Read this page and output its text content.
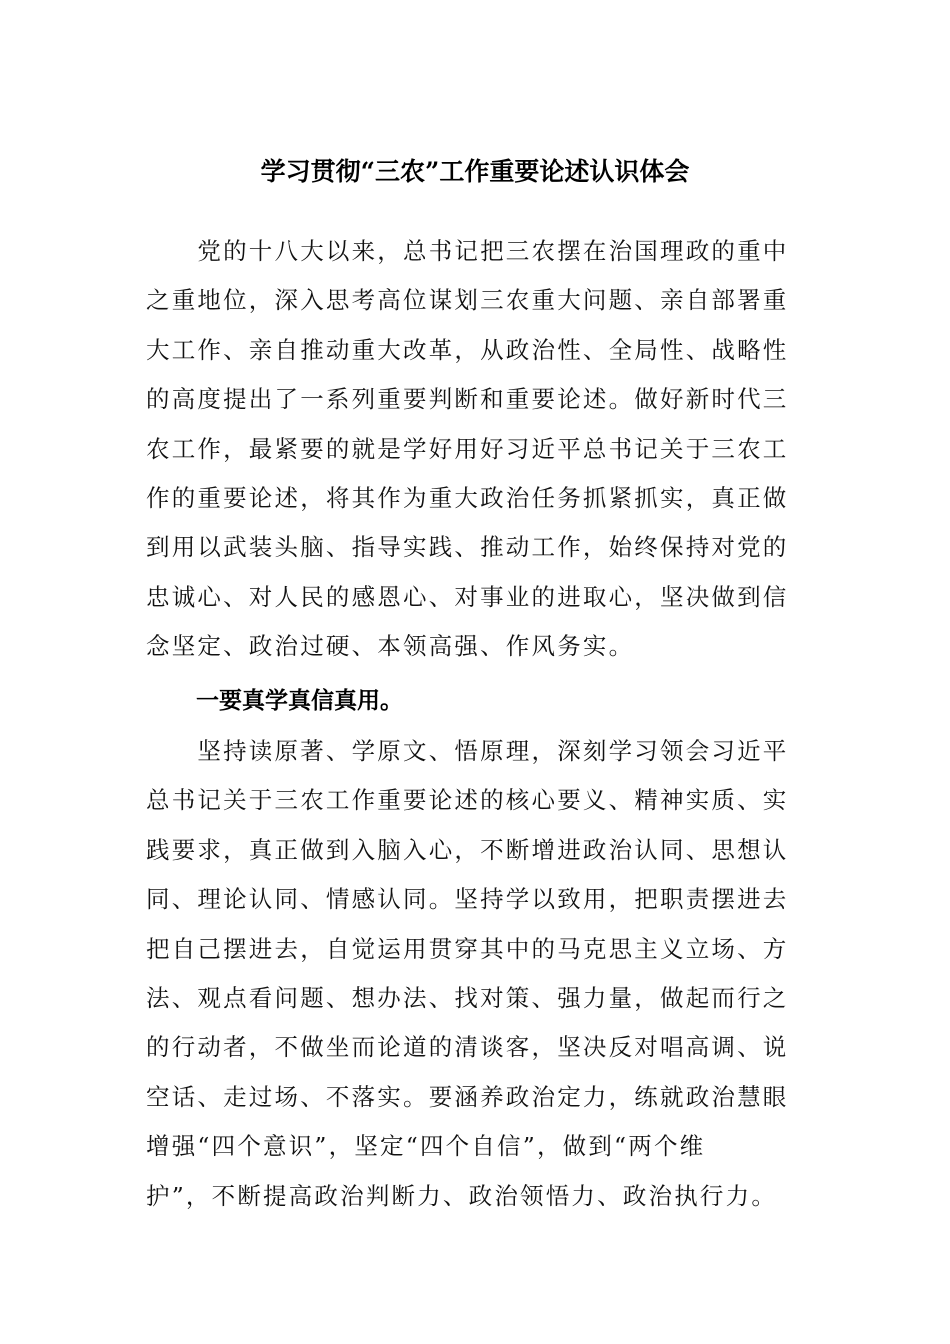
学习贯彻“三农”工作重要论述认识体会
　　党的十八大以来，总书记把三农摆在治国理政的重中
之重地位，深入思考高位谋划三农重大问题、亲自部署重
大工作、亲自推动重大改革，从政治性、全局性、战略性
的高度提出了一系列重要判断和重要论述。做好新时代三
农工作，最紧要的就是学好用好习近平总书记关于三农工
作的重要论述，将其作为重大政治任务抓紧抓实，真正做
到用以武装头脑、指导实践、推动工作，始终保持对党的
忠诚心、对人民的感恩心、对事业的进取心，坚决做到信
念坚定、政治过硬、本领高强、作风务实。
一要真学真信真用。
　　坚持读原著、学原文、悟原理，深刻学习领会习近平
总书记关于三农工作重要论述的核心要义、精神实质、实
践要求，真正做到入脑入心，不断增进政治认同、思想认
同、理论认同、情感认同。坚持学以致用，把职责摆进去
把自己摆进去，自觉运用贯穿其中的马克思主义立场、方
法、观点看问题、想办法、找对策、强力量，做起而行之
的行动者，不做坐而论道的清谈客，坚决反对唱高调、说
空话、走过场、不落实。要涵养政治定力，练就政治慧眼
增强“四个意识”，坚定“四个自信”，做到“两个维
护”，不断提高政治判断力、政治领悟力、政治执行力。
